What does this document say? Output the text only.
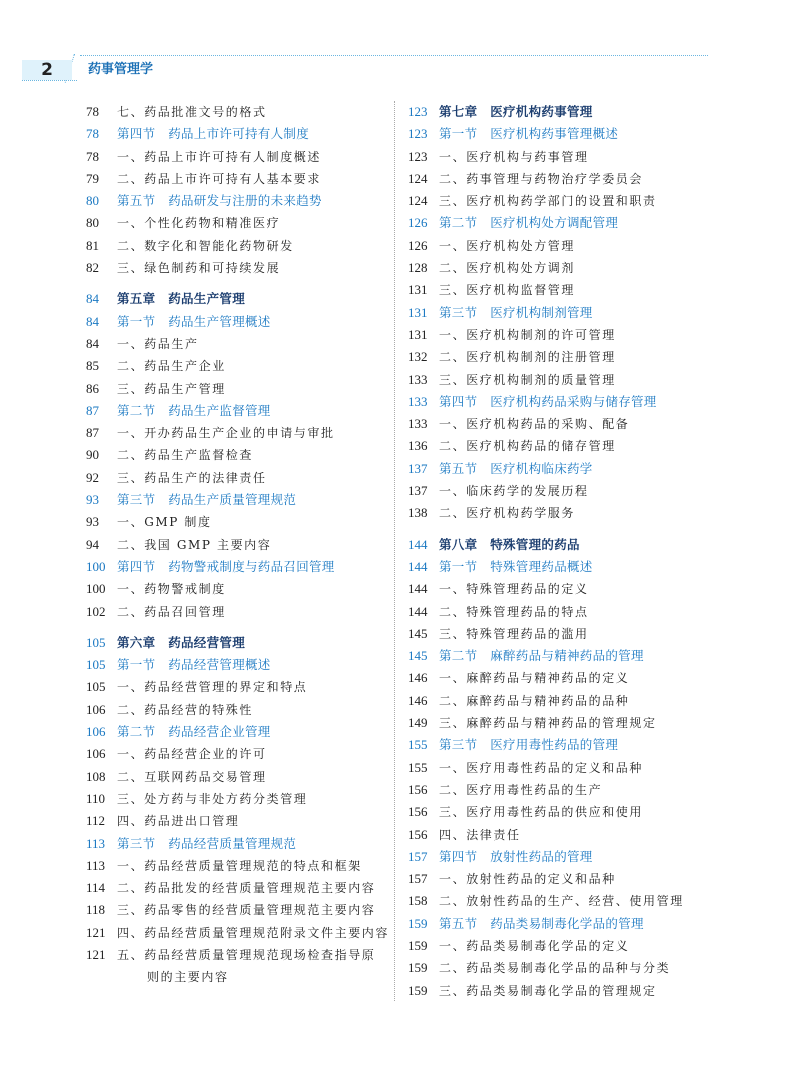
2	药事管理学
78	七、药品批准文号的格式
78	第四节　药品上市许可持有人制度
78	一、药品上市许可持有人制度概述
79	二、药品上市许可持有人基本要求
80	第五节　药品研发与注册的未来趋势
80	一、个性化药物和精准医疗
81	二、数字化和智能化药物研发
82	三、绿色制药和可持续发展
84	第五章　药品生产管理
84	第一节　药品生产管理概述
84	一、药品生产
85	二、药品生产企业
86	三、药品生产管理
87	第二节　药品生产监督管理
87	一、开办药品生产企业的申请与审批
90	二、药品生产监督检查
92	三、药品生产的法律责任
93	第三节　药品生产质量管理规范
93	一、GMP 制度
94	二、我国 GMP 主要内容
100 第四节　药物警戒制度与药品召回管理
100 一、药物警戒制度
102 二、药品召回管理
105 第六章　药品经营管理
105 第一节　药品经营管理概述
105 一、药品经营管理的界定和特点
106 二、药品经营的特殊性
106 第二节　药品经营企业管理
106 一、药品经营企业的许可
108 二、互联网药品交易管理
110 三、处方药与非处方药分类管理
112 四、药品进出口管理
113 第三节　药品经营质量管理规范
113 一、药品经营质量管理规范的特点和框架
114 二、药品批发的经营质量管理规范主要内容
118 三、药品零售的经营质量管理规范主要内容
121 四、药品经营质量管理规范附录文件主要内容
121 五、药品经营质量管理规范现场检查指导原
则的主要内容
123 第七章　医疗机构药事管理
123 第一节　医疗机构药事管理概述
123 一、医疗机构与药事管理
124 二、药事管理与药物治疗学委员会
124 三、医疗机构药学部门的设置和职责
126 第二节　医疗机构处方调配管理
126 一、医疗机构处方管理
128 二、医疗机构处方调剂
131 三、医疗机构监督管理
131 第三节　医疗机构制剂管理
131 一、医疗机构制剂的许可管理
132 二、医疗机构制剂的注册管理
133 三、医疗机构制剂的质量管理
133 第四节　医疗机构药品采购与储存管理
133 一、医疗机构药品的采购、配备
136 二、医疗机构药品的储存管理
137 第五节　医疗机构临床药学
137 一、临床药学的发展历程
138 二、医疗机构药学服务
144 第八章　特殊管理的药品
144 第一节　特殊管理药品概述
144 一、特殊管理药品的定义
144 二、特殊管理药品的特点
145 三、特殊管理药品的滥用
145 第二节　麻醉药品与精神药品的管理
146 一、麻醉药品与精神药品的定义
146 二、麻醉药品与精神药品的品种
149 三、麻醉药品与精神药品的管理规定
155 第三节　医疗用毒性药品的管理
155 一、医疗用毒性药品的定义和品种
156 二、医疗用毒性药品的生产
156 三、医疗用毒性药品的供应和使用
156 四、法律责任
157 第四节　放射性药品的管理
157 一、放射性药品的定义和品种
158 二、放射性药品的生产、经营、使用管理
159 第五节　药品类易制毒化学品的管理
159 一、药品类易制毒化学品的定义
159 二、药品类易制毒化学品的品种与分类
159 三、药品类易制毒化学品的管理规定
